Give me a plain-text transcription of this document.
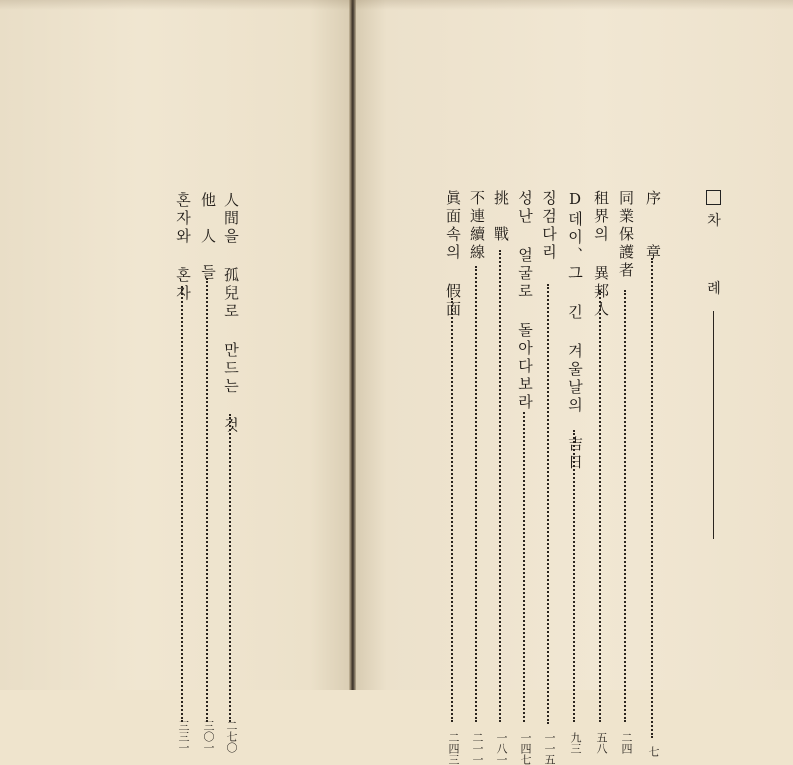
차
례
序　　章
七
同業保護者
二四
租界의 異邦人
五八
D데이、그 긴 겨울날의 吉日
九三
징검다리
一一五
성난 얼굴로 돌아다보라
一四七
挑　戰
一八一
不連續線
二一一
眞面속의 假面
二四三
人間을 孤兒로 만드는 것
二七〇
他　人　들
三〇一
혼자와 혼자
三三一
